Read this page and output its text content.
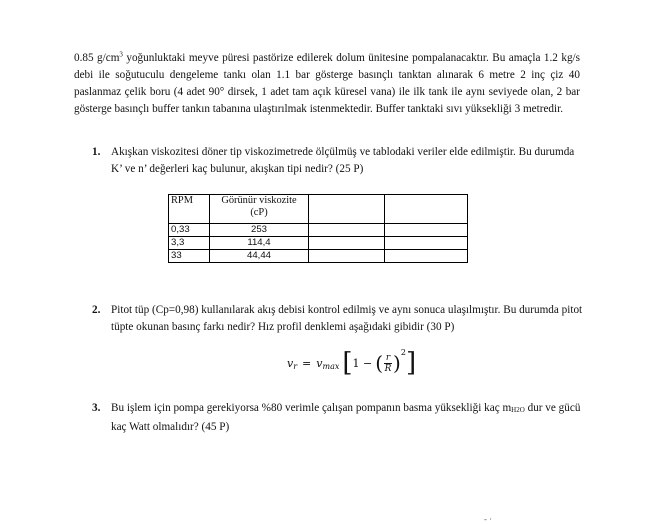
0.85 $g/cm^3$ yoğunluktaki meyve püresi pastörize edilerek dolum ünitesine pompalanacaktır. Bu amaçla 1.2 kg/s debi ile soğutuculu dengeleme tankı olan 1.1 bar gösterge basınçlı tanktan alınarak 6 metre 2 inç çiz 40 paslanmaz çelik boru (4 adet 90° dirsek, 1 adet tam açık küresel vana) ile ilk tank ile aynı seviyede olan, 2 bar gösterge basınçlı buffer tankın tabanına ulaştırılmak istenmektedir. Buffer tanktaki sıvı yüksekliği 3 metredir.

1. Akışkan viskozitesi döner tip viskozimetrede ölçülmüş ve tablodaki veriler elde edilmiştir. Bu durumda K’ ve n’ değerleri kaç bulunur, akışkan tipi nedir? (25 P)
RPM	Görünür viskozite (cP)		
0,33	253		
3,3	114,4		
33	44,44		
2. Pitot tüp (Cp=0,98) kullanılarak akış debisi kontrol edilmiş ve aynı sonuca ulaşılmıştır. Bu durumda pitot tüpte okunan basınç farkı nedir? Hız profil denklemi aşağıdaki gibidir (30 P)
v r = v max [ 1 − ( $\frac{r}{R}$ ) 2 ]
3. Bu işlem için pompa gerekiyorsa %80 verimle çalışan pompanın basma yüksekliği kaç mH2O dur ve gücü kaç Watt olmalıdır? (45 P)
‐ ·
